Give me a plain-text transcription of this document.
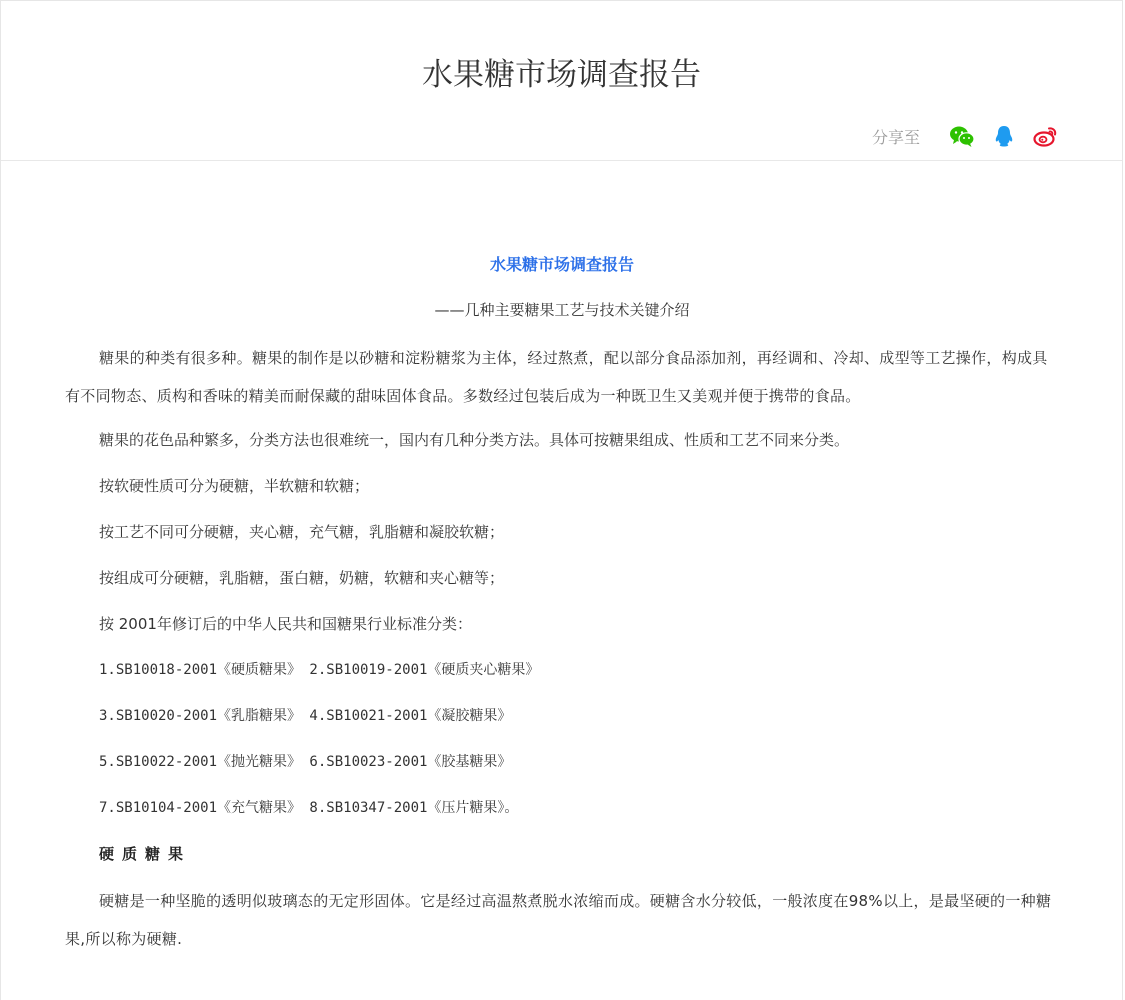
水果糖市场调查报告
分享至
水果糖市场调查报告
——几种主要糖果工艺与技术关键介绍
糖果的种类有很多种。糖果的制作是以砂糖和淀粉糖浆为主体，经过熬煮，配以部分食品添加剂，再经调和、冷却、成型等工艺操作，构成具有不同物态、质构和香味的精美而耐保藏的甜味固体食品。多数经过包装后成为一种既卫生又美观并便于携带的食品。
糖果的花色品种繁多，分类方法也很难统一，国内有几种分类方法。具体可按糖果组成、性质和工艺不同来分类。
按软硬性质可分为硬糖，半软糖和软糖；
按工艺不同可分硬糖，夹心糖，充气糖，乳脂糖和凝胶软糖；
按组成可分硬糖，乳脂糖，蛋白糖，奶糖，软糖和夹心糖等；
按 2001年修订后的中华人民共和国糖果行业标准分类：
1.SB10018-2001《硬质糖果》 2.SB10019-2001《硬质夹心糖果》
3.SB10020-2001《乳脂糖果》 4.SB10021-2001《凝胶糖果》
5.SB10022-2001《抛光糖果》 6.SB10023-2001《胶基糖果》
7.SB10104-2001《充气糖果》 8.SB10347-2001《压片糖果》。
硬质糖果
硬糖是一种坚脆的透明似玻璃态的无定形固体。它是经过高温熬煮脱水浓缩而成。硬糖含水分较低，一般浓度在98%以上，是最坚硬的一种糖果,所以称为硬糖.
